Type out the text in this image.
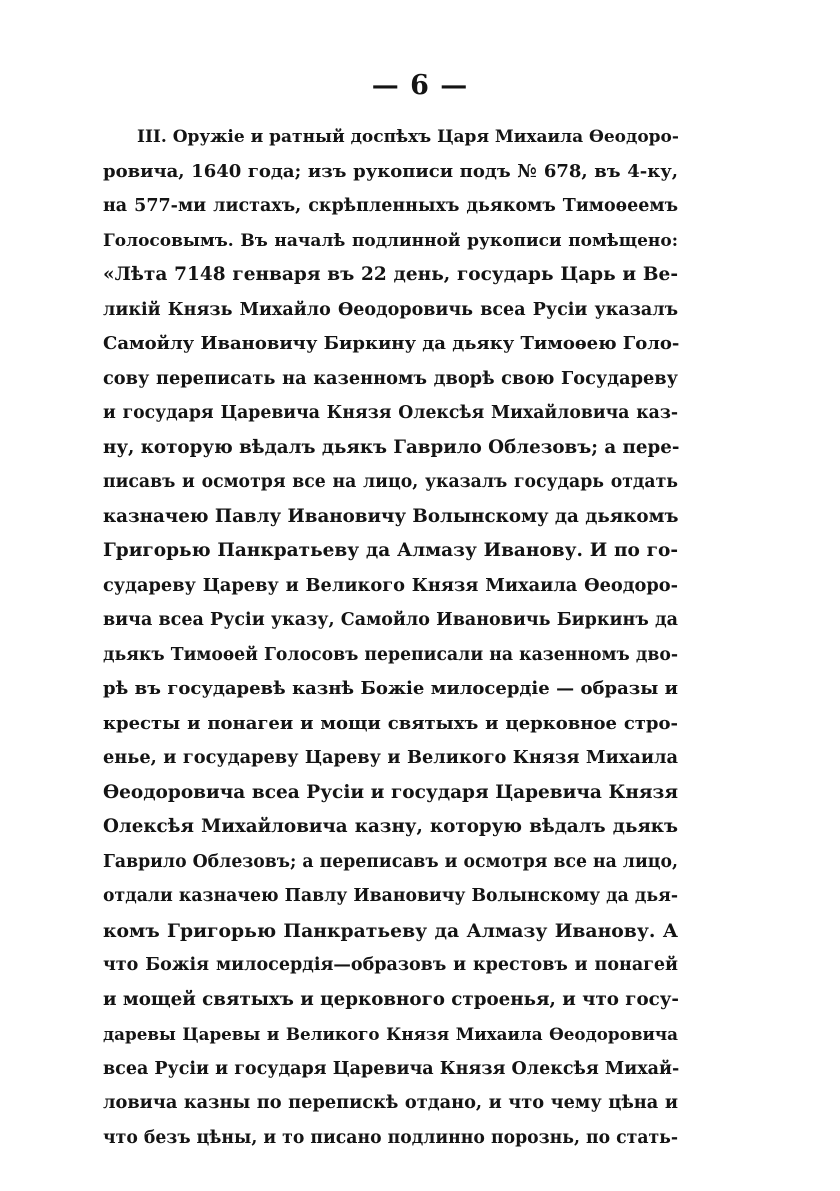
— 6 —

III. Оружіе и ратный доспѣхъ Царя Михаила Ѳеодоро-
ровича, 1640 года; изъ рукописи подъ № 678, въ 4-ку,
на 577-ми листахъ, скрѣпленныхъ дьякомъ Тимоѳеемъ
Голосовымъ. Въ началѣ подлинной рукописи помѣщено:
«Лѣта 7148 генваря въ 22 день, государь Царь и Ве-
ликій Князь Михайло Ѳеодоровичь всеа Русіи указалъ
Самойлу Ивановичу Биркину да дьяку Тимоѳею Голо-
сову переписать на казенномъ дворѣ свою Государеву
и государя Царевича Князя Олексѣя Михайловича каз-
ну, которую вѣдалъ дьякъ Гаврило Облезовъ; а пере-
писавъ и осмотря все на лицо, указалъ государь отдать
казначею Павлу Ивановичу Волынскому да дьякомъ
Григорью Панкратьеву да Алмазу Иванову. И по го-
судареву Цареву и Великого Князя Михаила Ѳеодоро-
вича всеа Русіи указу, Самойло Ивановичь Биркинъ да
дьякъ Тимоѳей Голосовъ переписали на казенномъ дво-
рѣ въ государевѣ казнѣ Божіе милосердіе — образы и
кресты и понагеи и мощи святыхъ и церковное стро-
енье, и государеву Цареву и Великого Князя Михаила
Ѳеодоровича всеа Русіи и государя Царевича Князя
Олексѣя Михайловича казну, которую вѣдалъ дьякъ
Гаврило Облезовъ; а переписавъ и осмотря все на лицо,
отдали казначею Павлу Ивановичу Волынскому да дья-
комъ Григорью Панкратьеву да Алмазу Иванову. А
что Божія милосердія—образовъ и крестовъ и понагей
и мощей святыхъ и церковного строенья, и что госу-
даревы Царевы и Великого Князя Михаила Ѳеодоровича
всеа Русіи и государя Царевича Князя Олексѣя Михай-
ловича казны по перепискѣ отдано, и что чему цѣна и
что безъ цѣны, и то писано подлинно порознь, по стать-
